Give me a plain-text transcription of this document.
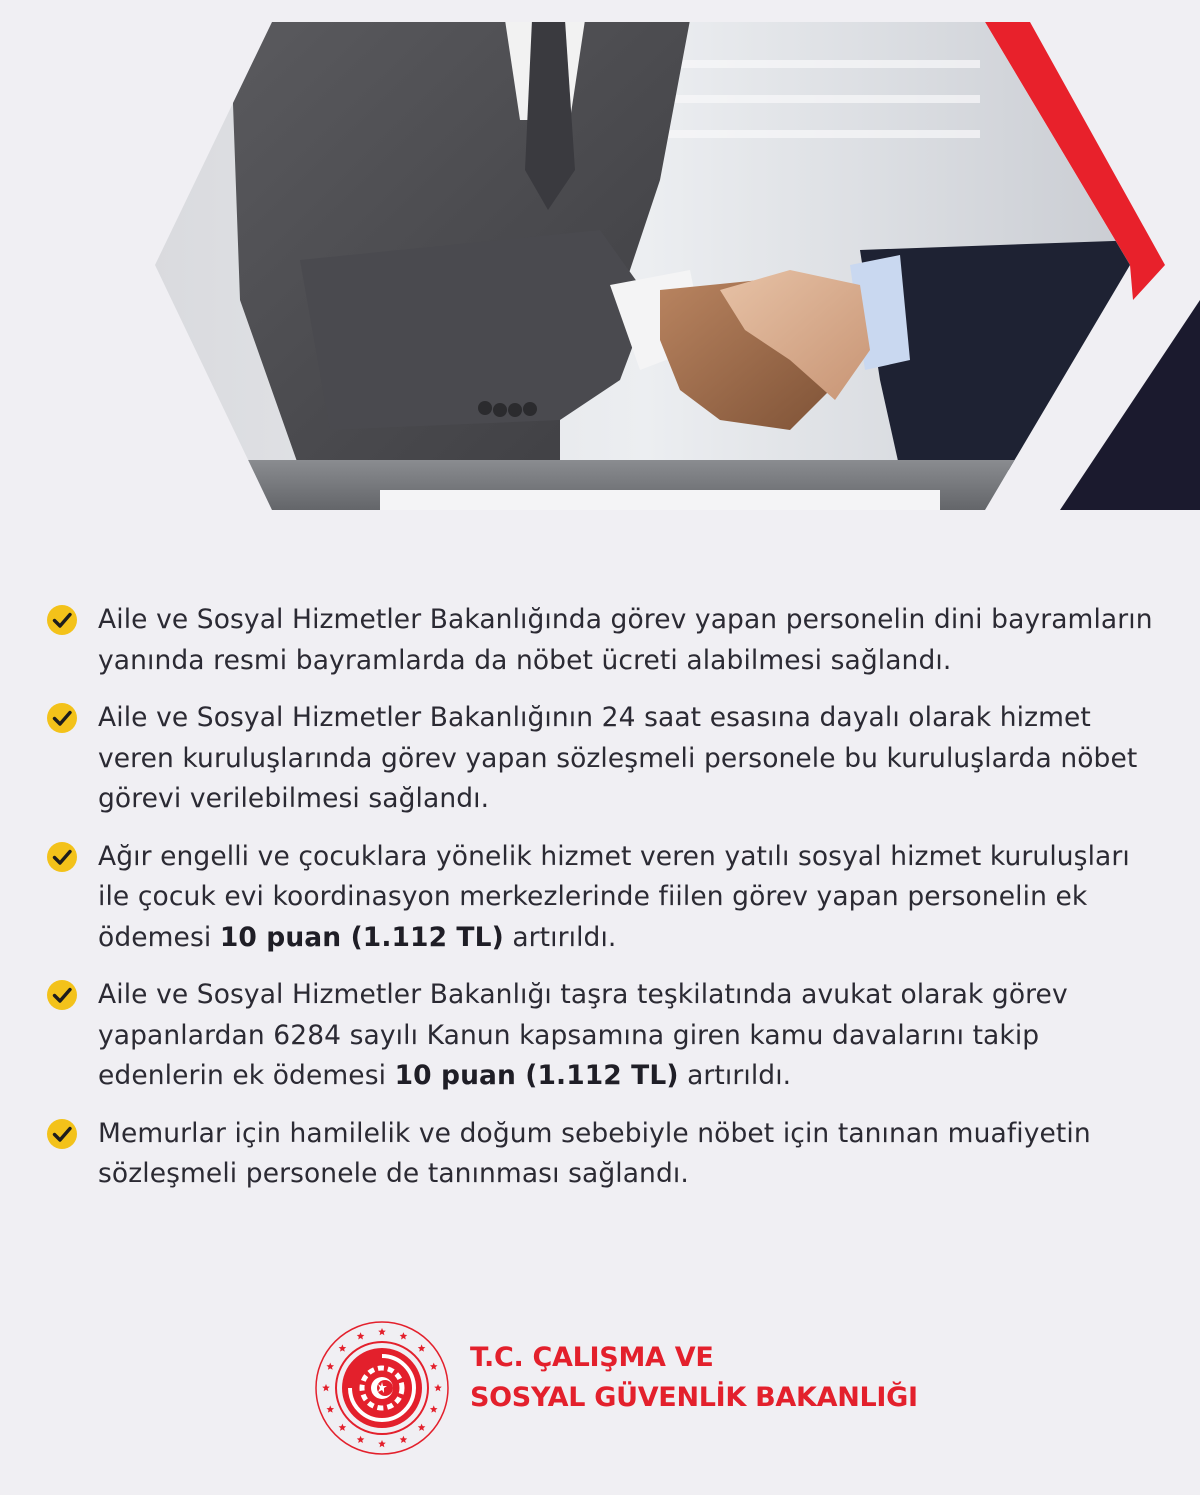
Aile ve Sosyal Hizmetler Bakanlığında görev yapan personelin dini bayramların yanında resmi bayramlarda da nöbet ücreti alabilmesi sağlandı.
Aile ve Sosyal Hizmetler Bakanlığının 24 saat esasına dayalı olarak hizmet veren kuruluşlarında görev yapan sözleşmeli personele bu kuruluşlarda nöbet görevi verilebilmesi sağlandı.
Ağır engelli ve çocuklara yönelik hizmet veren yatılı sosyal hizmet kuruluşları ile çocuk evi koordinasyon merkezlerinde fiilen görev yapan personelin ek ödemesi 10 puan (1.112 TL) artırıldı.
Aile ve Sosyal Hizmetler Bakanlığı taşra teşkilatında avukat olarak görev yapanlardan 6284 sayılı Kanun kapsamına giren kamu davalarını takip edenlerin ek ödemesi 10 puan (1.112 TL) artırıldı.
Memurlar için hamilelik ve doğum sebebiyle nöbet için tanınan muafiyetin sözleşmeli personele de tanınması sağlandı.
T.C. ÇALIŞMA VE
SOSYAL GÜVENLİK BAKANLIĞI
